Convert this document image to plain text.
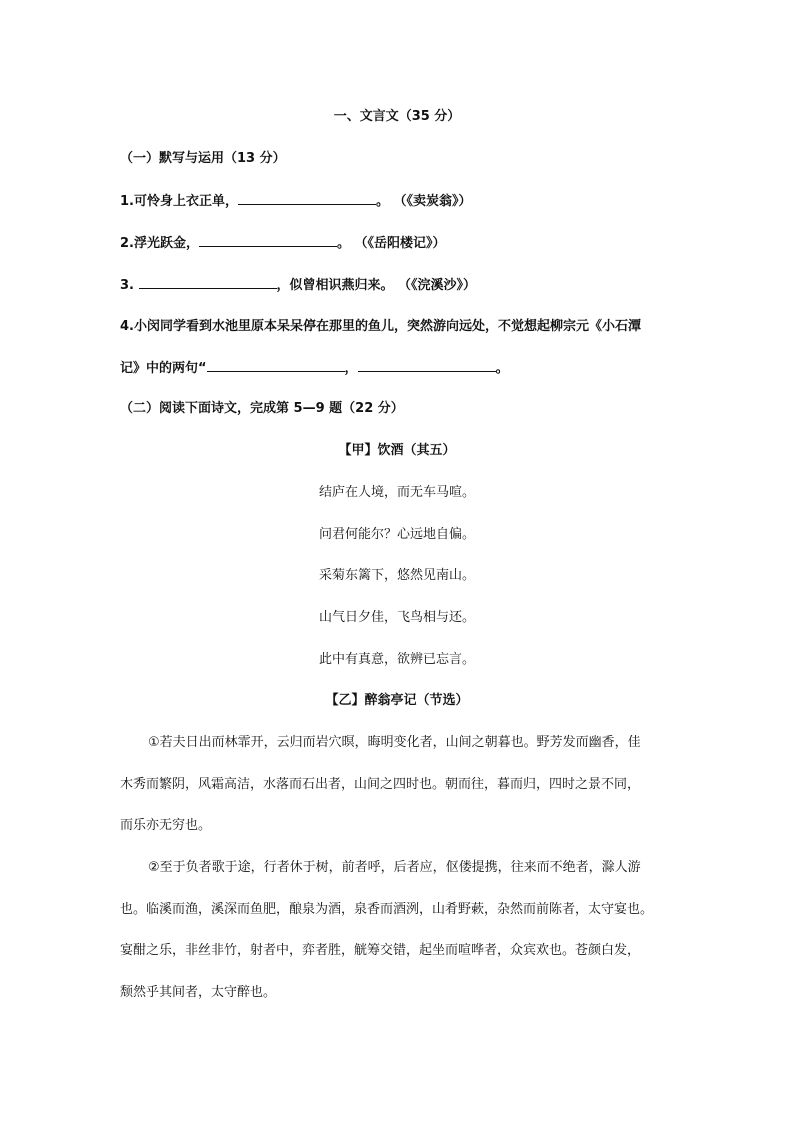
一、文言文（35 分）
（一）默写与运用（13 分）
1.可怜身上衣正单，	。 （《卖炭翁》）
2.浮光跃金，	。 （《岳阳楼记》）
3.	，似曾相识燕归来。 （《浣溪沙》）
4.小闵同学看到水池里原本呆呆停在那里的鱼儿，突然游向远处，不觉想起柳宗元《小石潭
记》中的两句“	，	。
（二）阅读下面诗文，完成第 5—9 题（22 分）
【甲】饮酒（其五）
结庐在人境，而无车马喧。
问君何能尔？心远地自偏。
采菊东篱下，悠然见南山。
山气日夕佳，飞鸟相与还。
此中有真意，欲辨已忘言。
【乙】醉翁亭记（节选）
①若夫日出而林霏开，云归而岩穴暝，晦明变化者，山间之朝暮也。野芳发而幽香，佳
木秀而繁阴，风霜高洁，水落而石出者，山间之四时也。朝而往，暮而归，四时之景不同，
而乐亦无穷也。
②至于负者歌于途，行者休于树，前者呼，后者应，伛偻提携，往来而不绝者，滁人游
也。临溪而渔，溪深而鱼肥，酿泉为酒，泉香而酒洌，山肴野蔌，杂然而前陈者，太守宴也。
宴酣之乐，非丝非竹，射者中，弈者胜，觥筹交错，起坐而喧哗者，众宾欢也。苍颜白发，
颓然乎其间者，太守醉也。
